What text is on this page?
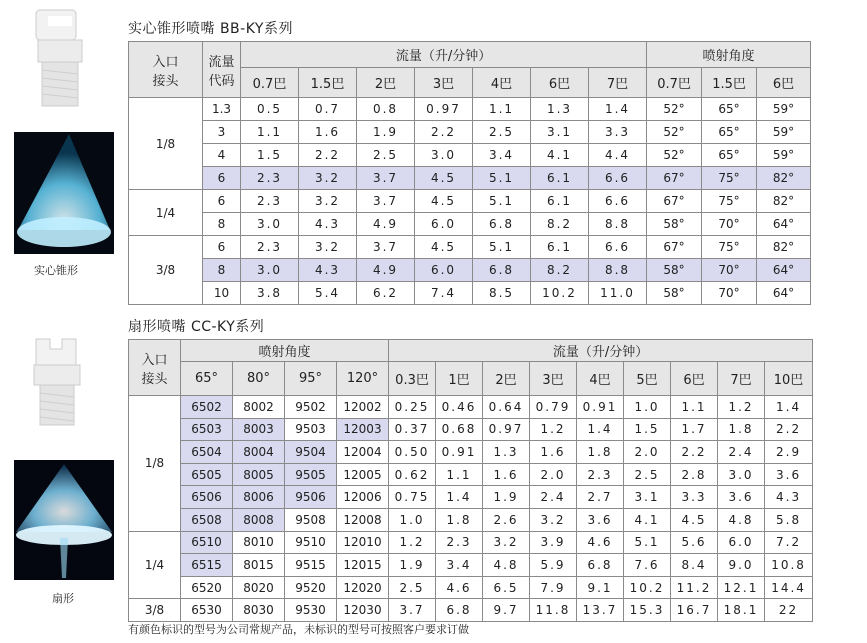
实心锥形
扇形
实心锥形喷嘴 BB-KY系列
入口接头	流量代码	流量（升/分钟）							喷射角度		
		0.7巴	1.5巴	2巴	3巴	4巴	6巴	7巴	0.7巴	1.5巴	6巴
1/8	1.3	0.5	0.7	0.8	0.97	1.1	1.3	1.4	52°	65°	59°
	3	1.1	1.6	1.9	2.2	2.5	3.1	3.3	52°	65°	59°
	4	1.5	2.2	2.5	3.0	3.4	4.1	4.4	52°	65°	59°
	6	2.3	3.2	3.7	4.5	5.1	6.1	6.6	67°	75°	82°
1/4	6	2.3	3.2	3.7	4.5	5.1	6.1	6.6	67°	75°	82°
	8	3.0	4.3	4.9	6.0	6.8	8.2	8.8	58°	70°	64°
3/8	6	2.3	3.2	3.7	4.5	5.1	6.1	6.6	67°	75°	82°
	8	3.0	4.3	4.9	6.0	6.8	8.2	8.8	58°	70°	64°
	10	3.8	5.4	6.2	7.4	8.5	10.2	11.0	58°	70°	64°
扇形喷嘴 CC-KY系列
入口接头	喷射角度				流量（升/分钟）								
	65°	80°	95°	120°	0.3巴	1巴	2巴	3巴	4巴	5巴	6巴	7巴	10巴
1/8	6502	8002	9502	12002	0.25	0.46	0.64	0.79	0.91	1.0	1.1	1.2	1.4
	6503	8003	9503	12003	0.37	0.68	0.97	1.2	1.4	1.5	1.7	1.8	2.2
	6504	8004	9504	12004	0.50	0.91	1.3	1.6	1.8	2.0	2.2	2.4	2.9
	6505	8005	9505	12005	0.62	1.1	1.6	2.0	2.3	2.5	2.8	3.0	3.6
	6506	8006	9506	12006	0.75	1.4	1.9	2.4	2.7	3.1	3.3	3.6	4.3
	6508	8008	9508	12008	1.0	1.8	2.6	3.2	3.6	4.1	4.5	4.8	5.8
1/4	6510	8010	9510	12010	1.2	2.3	3.2	3.9	4.6	5.1	5.6	6.0	7.2
	6515	8015	9515	12015	1.9	3.4	4.8	5.9	6.8	7.6	8.4	9.0	10.8
	6520	8020	9520	12020	2.5	4.6	6.5	7.9	9.1	10.2	11.2	12.1	14.4
3/8	6530	8030	9530	12030	3.7	6.8	9.7	11.8	13.7	15.3	16.7	18.1	22
有颜色标识的型号为公司常规产品，未标识的型号可按照客户要求订做
